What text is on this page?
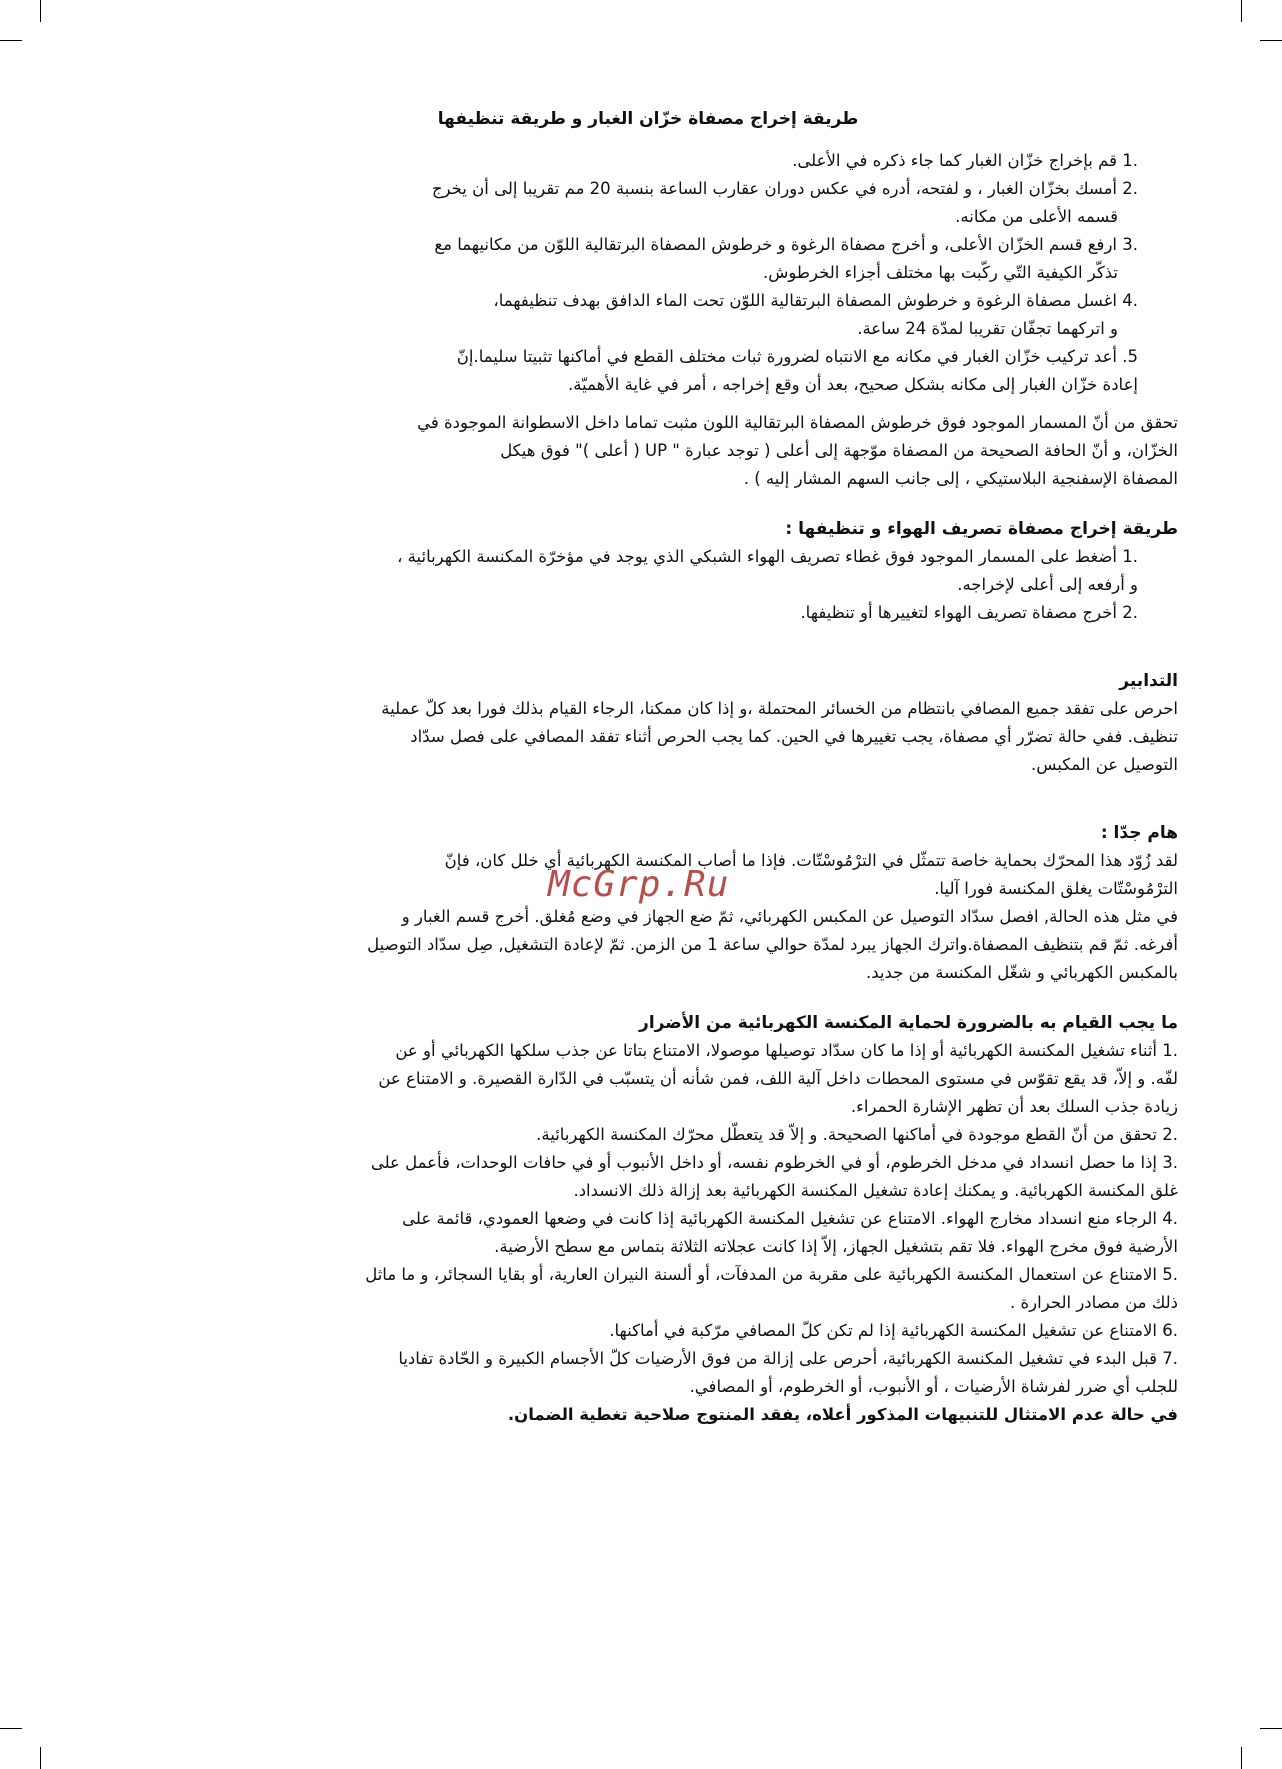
طريقة إخراج مصفاة خزّان الغبار و طريقة تنظيفها

.1 قم بإخراج خزّان الغبار كما جاء ذكره في الأعلى.

.2 أمسك بخزّان الغبار ، و لفتحه، أدره في عكس دوران عقارب الساعة بنسبة 20 مم تقريبا إلى أن يخرج

قسمه الأعلى من مكانه.

.3 ارفع قسم الخزّان الأعلى، و أخرج مصفاة الرغوة و خرطوش المصفاة البرتقالية اللوّن من مكانيهما مع

تذكّر الكيفية التّي ركّبت بها مختلف أجزاء الخرطوش.

.4 اغسل مصفاة الرغوة و خرطوش المصفاة البرتقالية اللوّن تحت الماء الدافق بهدف تنظيفهما،

و اتركهما تجفّان تقريبا لمدّة 24 ساعة.

5. أعد تركيب خزّان الغبار في مكانه مع الانتباه لضرورة ثبات مختلف القطع في أماكنها تثبيتا سليما.إنّ

إعادة خزّان الغبار إلى مكانه بشكل صحيح، بعد أن وقع إخراجه ، أمر في غاية الأهميّة.

تحقق من أنّ المسمار الموجود فوق خرطوش المصفاة البرتقالية اللون مثبت تماما داخل الاسطوانة الموجودة في

الخزّان، و أنّ الحافة الصحيحة من المصفاة موّجهة إلى أعلى ( توجد عبارة " UP ( أعلى )" فوق هيكل

المصفاة الإسفنجية البلاستيكي ، إلى جانب السهم المشار إليه ) .

طريقة إخراج مصفاة تصريف الهواء و تنظيفها :

.1 أضغط على المسمار الموجود فوق غطاء تصريف الهواء الشبكي الذي يوجد في مؤخرّة المكنسة الكهربائية ،

و أرفعه إلى أعلى لإخراجه.

.2 أخرج مصفاة تصريف الهواء لتغييرها أو تنظيفها.

التدابير

احرص على تفقد جميع المصافي بانتظام من الخسائر المحتملة ،و إذا كان ممكنا، الرجاء القيام بذلك فورا بعد كلّ عملية

تنظيف. ففي حالة تضرّر أي مصفاة، يجب تغييرها في الحين. كما يجب الحرص أثناء تفقد المصافي على فصل سدّاد

التوصيل عن المكبس.

هام جدّا :

لقد زُوّد هذا المحرّك بحماية خاصة تتمثّل في الترْمُوسْتّات. فإذا ما أصاب المكنسة الكهربائية أي خلل كان، فإنّ

الترْمُوسْتّات يغلق المكنسة فورا آليا.

في مثل هذه الحالة, افصل سدّاد التوصيل عن المكبس الكهربائي، ثمّ ضع الجهاز في وضع مُغلق. أخرج قسم الغبار و

أفرغه. ثمّ قم بتنظيف المصفاة.واترك الجهاز يبرد لمدّة حوالي ساعة 1 من الزمن. ثمّ لإعادة التشغيل, صِل سدّاد التوصيل

بالمكبس الكهربائي و شغّل المكنسة من جديد.

ما يجب القيام به بالضرورة لحماية المكنسة الكهربائية من الأضرار

.1 أثناء تشغيل المكنسة الكهربائية أو إذا ما كان سدّاد توصيلها موصولا، الامتناع بتاتا عن جذب سلكها الكهربائي أو عن

لفّه. و إلاّ، قد يقع تقوّس في مستوى المحطات داخل آلية اللف، فمن شأنه أن يتسبّب في الدّارة القصيرة. و الامتناع عن

زيادة جذب السلك بعد أن تظهر الإشارة الحمراء.

.2 تحقق من أنّ القطع موجودة في أماكنها الصحيحة. و إلاّ قد يتعطّل محرّك المكنسة الكهربائية.

.3 إذا ما حصل انسداد في مدخل الخرطوم، أو في الخرطوم نفسه، أو داخل الأنبوب أو في حافات الوحدات، فأعمل على

غلق المكنسة الكهربائية. و يمكنك إعادة تشغيل المكنسة الكهربائية بعد إزالة ذلك الانسداد.

.4 الرجاء منع انسداد مخارج الهواء. الامتناع عن تشغيل المكنسة الكهربائية إذا كانت في وضعها العمودي، قائمة على

الأرضية فوق مخرج الهواء. فلا تقم بتشغيل الجهاز، إلاّ إذا كانت عجلاته الثلاثة بتماس مع سطح الأرضية.

.5 الامتناع عن استعمال المكنسة الكهربائية على مقربة من المدفآت، أو ألسنة النيران العارية، أو بقايا السجائر، و ما ماثل

ذلك من مصادر الحرارة .

.6 الامتناع عن تشغيل المكنسة الكهربائية إذا لم تكن كلّ المصافي مرّكبة في أماكنها.

.7 قبل البدء في تشغيل المكنسة الكهربائية، أحرص على إزالة من فوق الأرضيات كلّ الأجسام الكبيرة و الحّادة تفاديا

للجلب أي ضرر لفرشاة الأرضيات ، أو الأنبوب، أو الخرطوم، أو المصافي.

في حالة عدم الامتثال للتنبيهات المذكور أعلاه، يفقد المنتوج صلاحية تغطية الضمان.

McGrp.Ru
